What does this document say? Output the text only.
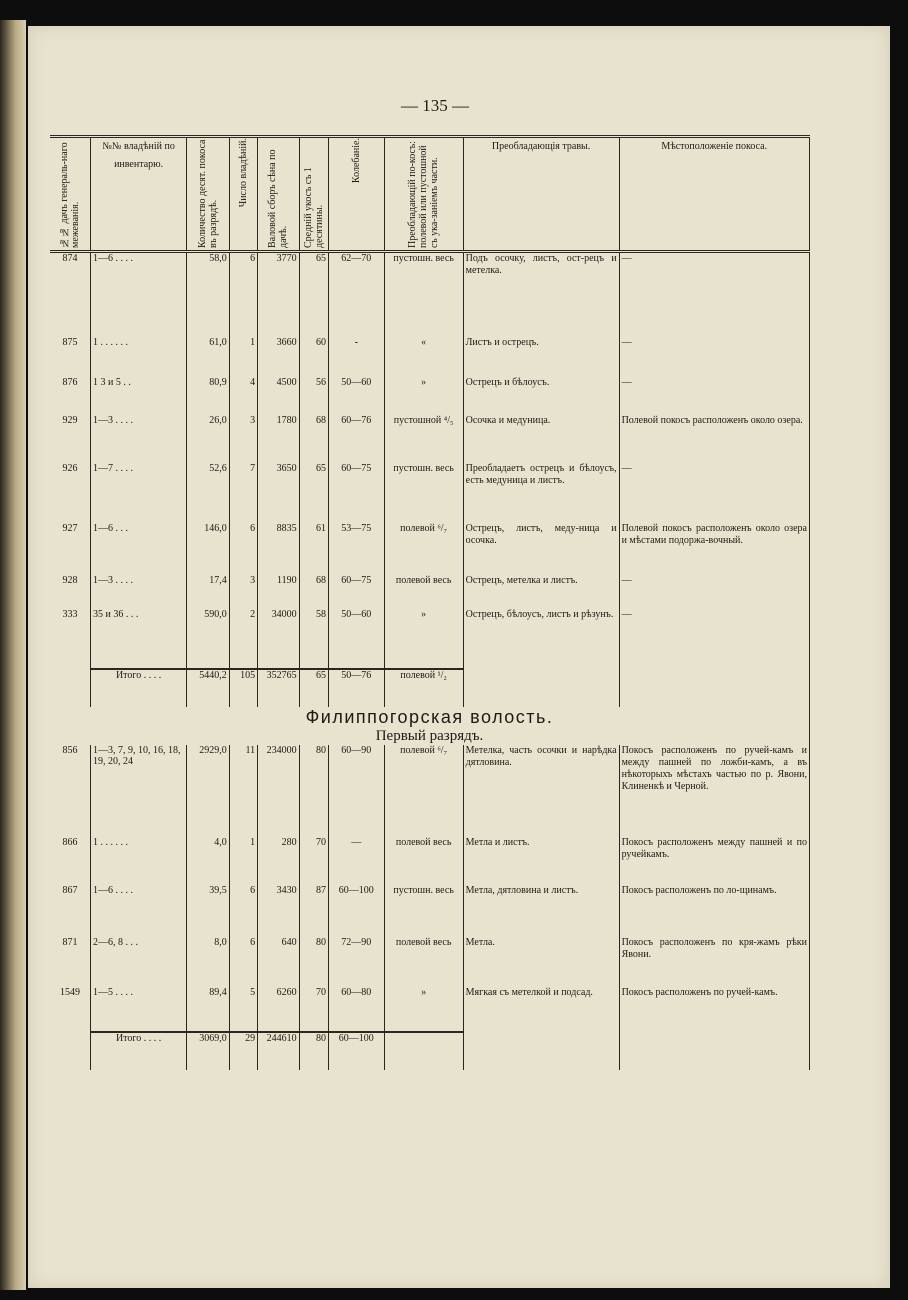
— 135 —
№№ дачъ генераль-наго межеванія.	№№ владѣній по инвентарю.	Количество десят. покоса въ разрядѣ.	Число владѣній.	Валовой сборъ сѣна по дачѣ.	Средній укосъ съ 1 десятины.	Колебаніе.	Преобладающій по-косъ: полевой или пустошной съ ука-заніемъ части.	Преобладающія травы.	Мѣстоположеніе покоса.
874	1—6 . . . .	58,0	6	3770	65	62—70	пустошн. весь	Подъ осочку, листъ, ост-рецъ и метелка.	—
875	1 . . . . . .	61,0	1	3660	60	-	«	Листъ и острецъ.	—
876	1 3 и 5 . .	80,9	4	4500	56	50—60	»	Острецъ и бѣлоусъ.	—
929	1—3 . . . .	26,0	3	1780	68	60—76	пустошной ⁴/₅	Осочка и медуница.	Полевой покосъ расположенъ около озера.
926	1—7 . . . .	52,6	7	3650	65	60—75	пустошн. весь	Преобладаетъ острецъ и бѣлоусъ, есть медуница и листъ.	—
927	1—6 . . .	146,0	6	8835	61	53—75	полевой ⁶/₇	Острецъ, листъ, меду-ница и осочка.	Полевой покосъ расположенъ около озера и мѣстами подоржа-вочный.
928	1—3 . . . .	17,4	3	1190	68	60—75	полевой весь	Острецъ, метелка и листъ.	—
333	35 и 36 . . .	590,0	2	34000	58	50—60	»	Острецъ, бѣлоусъ, листъ и рѣзунъ.	—
	Итого . . . .	5440,2	105	352765	65	50—76	полевой ¹/₂		
Филиппогорская волость.									
Первый разрядъ.									
856	1—3, 7, 9, 10, 16, 18, 19, 20, 24	2929,0	11	234000	80	60—90	полевой ⁶/₇	Метелка, часть осочки и нарѣдка дятловина.	Покосъ расположенъ по ручей-камъ и между пашней по ложби-камъ, а въ нѣкоторыхъ мѣстахъ частью по р. Явони, Клиненкѣ и Черной.
866	1 . . . . . .	4,0	1	280	70	—	полевой весь	Метла и листъ.	Покосъ расположенъ между пашней и по ручейкамъ.
867	1—6 . . . .	39,5	6	3430	87	60—100	пустошн. весь	Метла, дятловина и листъ.	Покосъ расположенъ по ло-щинамъ.
871	2—6, 8 . . .	8,0	6	640	80	72—90	полевой весь	Метла.	Покосъ расположенъ по кря-жамъ рѣки Явони.
1549	1—5 . . . .	89,4	5	6260	70	60—80	»	Мягкая съ метелкой и подсад.	Покосъ расположенъ по ручей-камъ.
	Итого . . . .	3069,0	29	244610	80	60—100			
